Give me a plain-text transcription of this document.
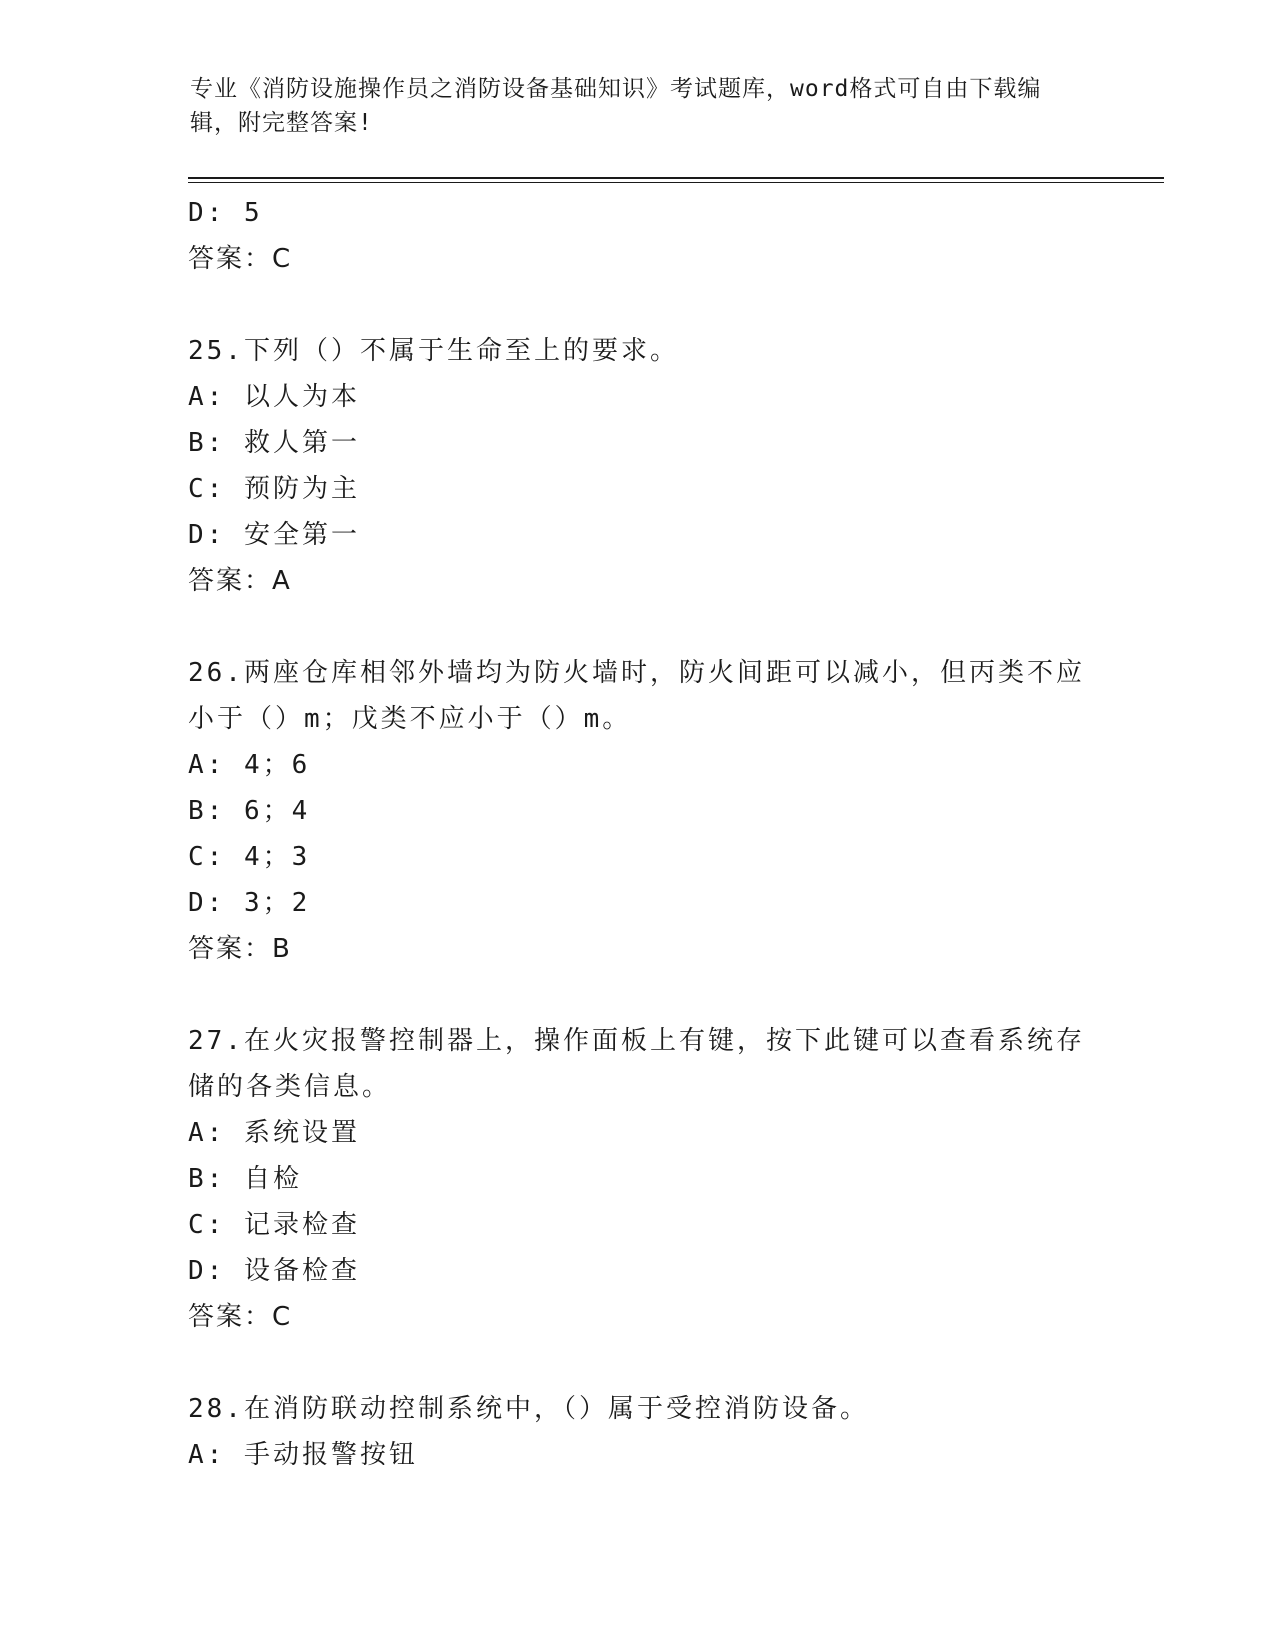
专业《消防设施操作员之消防设备基础知识》考试题库，word格式可自由下载编
辑，附完整答案!
D: 5
答案：C
25.下列（）不属于生命至上的要求。
A: 以人为本
B: 救人第一
C: 预防为主
D: 安全第一
答案：A
26.两座仓库相邻外墙均为防火墙时，防火间距可以减小，但丙类不应
小于（）m；戊类不应小于（）m。
A: 4；6
B: 6；4
C: 4；3
D: 3；2
答案：B
27.在火灾报警控制器上，操作面板上有键，按下此键可以查看系统存
储的各类信息。
A: 系统设置
B: 自检
C: 记录检查
D: 设备检查
答案：C
28.在消防联动控制系统中，（）属于受控消防设备。
A: 手动报警按钮
